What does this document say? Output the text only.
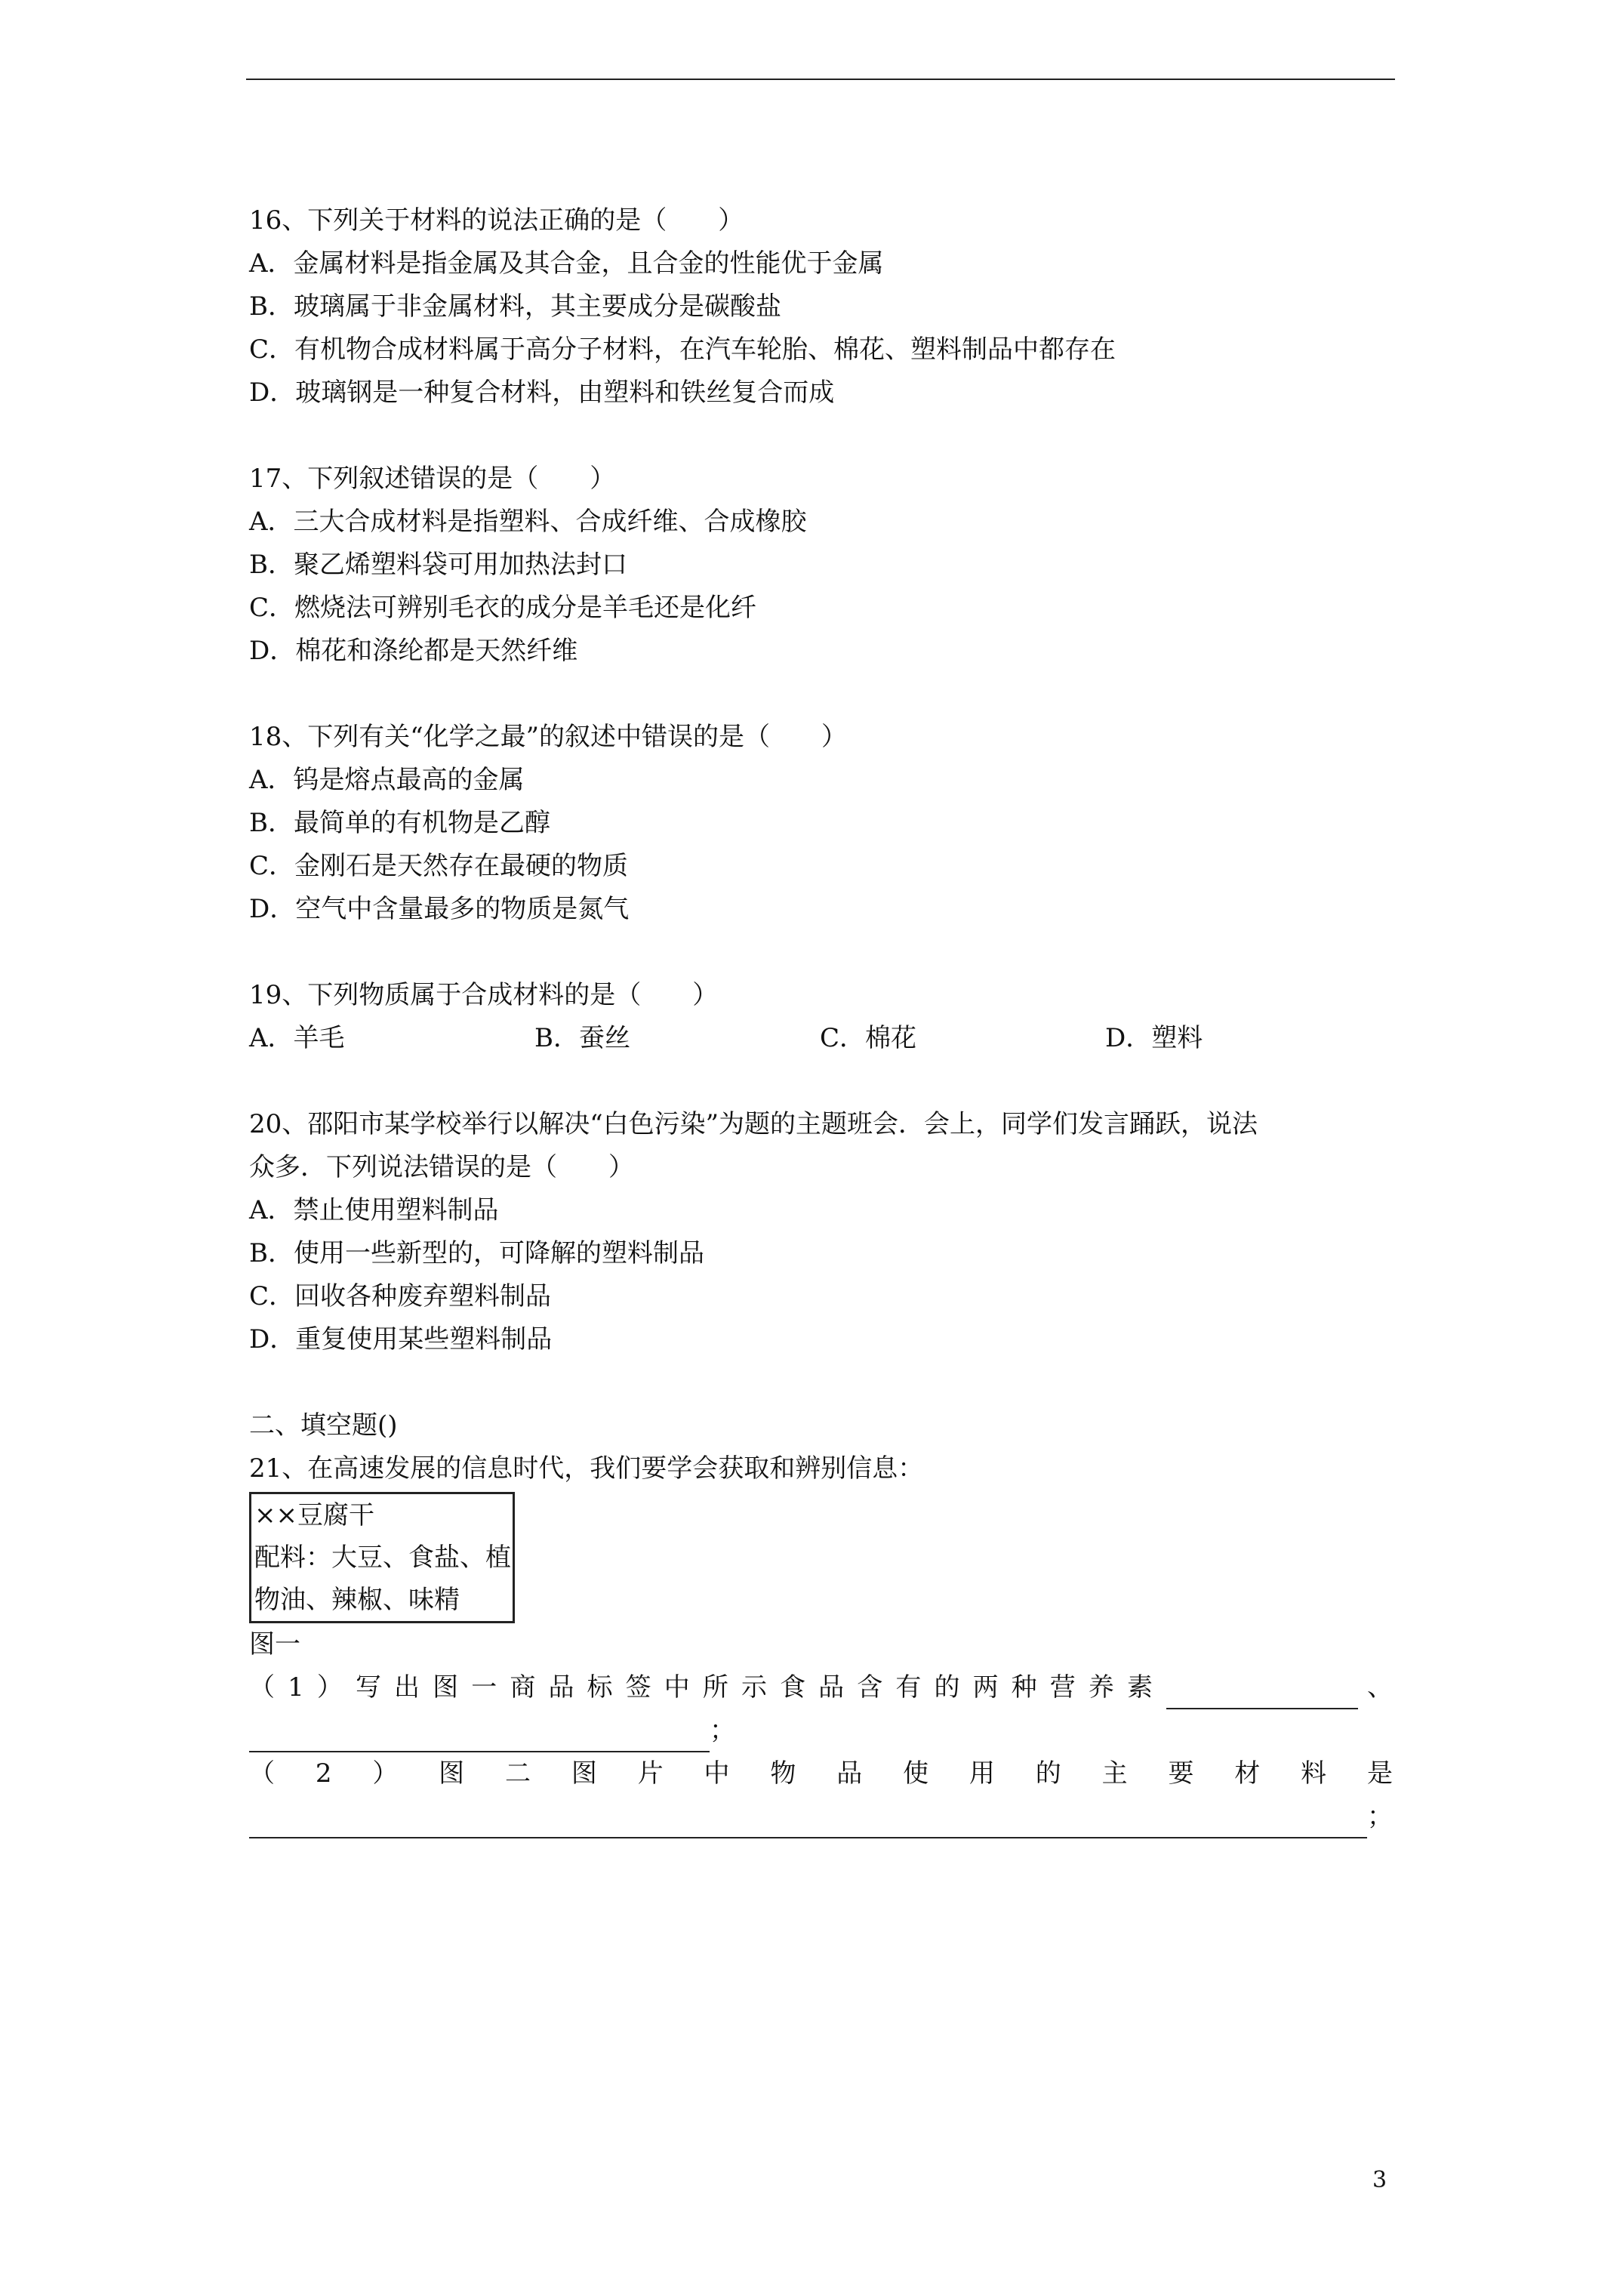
16、下列关于材料的说法正确的是（　　）
A．金属材料是指金属及其合金，且合金的性能优于金属
B．玻璃属于非金属材料，其主要成分是碳酸盐
C．有机物合成材料属于高分子材料，在汽车轮胎、棉花、塑料制品中都存在
D．玻璃钢是一种复合材料，由塑料和铁丝复合而成
17、下列叙述错误的是（　　）
A．三大合成材料是指塑料、合成纤维、合成橡胶
B．聚乙烯塑料袋可用加热法封口
C．燃烧法可辨别毛衣的成分是羊毛还是化纤
D．棉花和涤纶都是天然纤维
18、下列有关“化学之最”的叙述中错误的是（　　）
A．钨是熔点最高的金属
B．最简单的有机物是乙醇
C．金刚石是天然存在最硬的物质
D．空气中含量最多的物质是氮气
19、下列物质属于合成材料的是（　　）
A．羊毛	B．蚕丝	C．棉花	D．塑料
20、邵阳市某学校举行以解决“白色污染”为题的主题班会．会上，同学们发言踊跃，说法
众多．下列说法错误的是（　　）
A．禁止使用塑料制品
B．使用一些新型的，可降解的塑料制品
C．回收各种废弃塑料制品
D．重复使用某些塑料制品
二、填空题()
21、在高速发展的信息时代，我们要学会获取和辨别信息：
××豆腐干
配料：大豆、食盐、植
物油、辣椒、味精
图一
（1）写出图一商品标签中所示食品含有的两种营养素	、
；
（2）图二图片中物品使用的主要材料是
；
3
